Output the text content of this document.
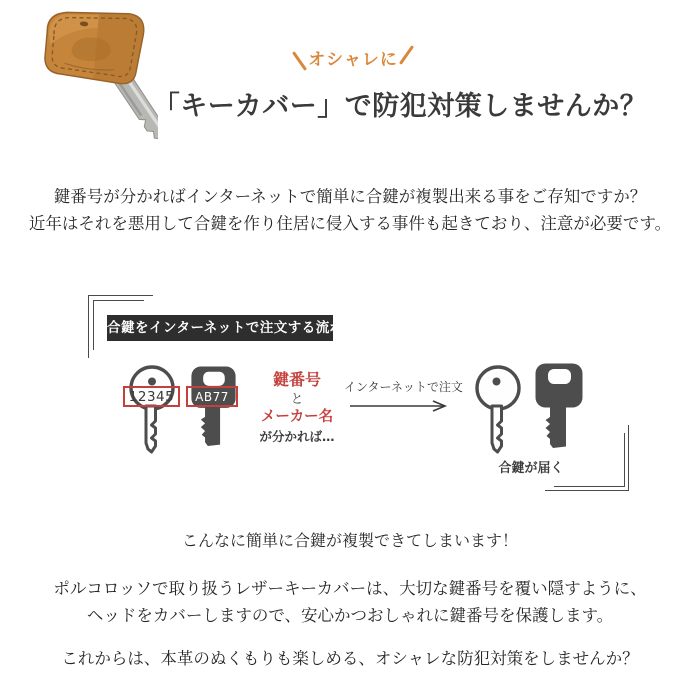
オシャレに
「キーカバー」で防犯対策しませんか？

鍵番号が分かればインターネットで簡単に合鍵が複製出来る事をご存知ですか？

近年はそれを悪用して合鍵を作り住居に侵入する事件も起きており、注意が必要です。

合鍵をインターネットで注文する流れ
12345 AB77
鍵番号
と
メーカー名
が分かれば…
インターネットで注文
合鍵が届く

こんなに簡単に合鍵が複製できてしまいます！

ポルコロッソで取り扱うレザーキーカバーは、大切な鍵番号を覆い隠すように、

ヘッドをカバーしますので、安心かつおしゃれに鍵番号を保護します。

これからは、本革のぬくもりも楽しめる、オシャレな防犯対策をしませんか？
